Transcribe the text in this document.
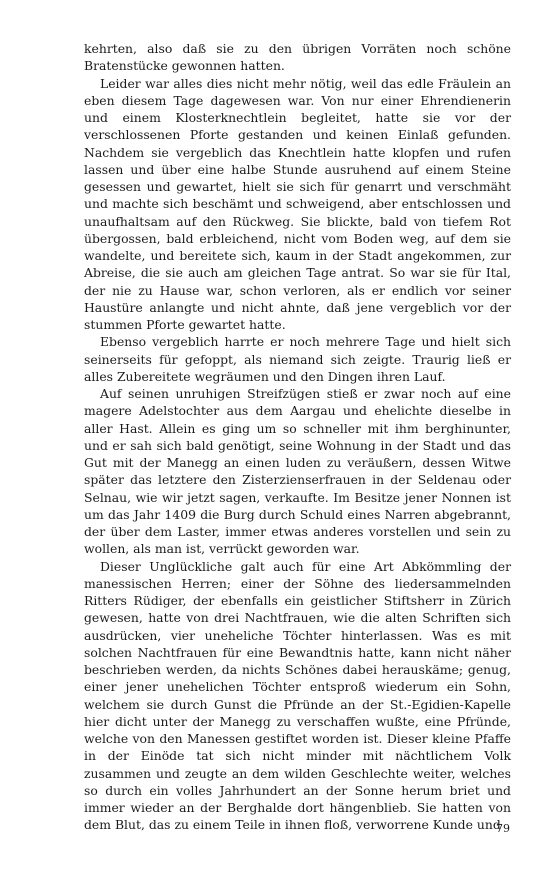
kehrten, also daß sie zu den übrigen Vorräten noch schöne Bratenstücke gewonnen hatten.

Leider war alles dies nicht mehr nötig, weil das edle Fräulein an eben diesem Tage dagewesen war. Von nur einer Ehrendienerin und einem Klosterknechtlein begleitet, hatte sie vor der verschlossenen Pforte gestanden und keinen Einlaß gefunden. Nachdem sie vergeblich das Knechtlein hatte klopfen und rufen lassen und über eine halbe Stunde ausruhend auf einem Steine gesessen und gewartet, hielt sie sich für genarrt und verschmäht und machte sich beschämt und schweigend, aber entschlossen und unaufhaltsam auf den Rückweg. Sie blickte, bald von tiefem Rot übergossen, bald erbleichend, nicht vom Boden weg, auf dem sie wandelte, und bereitete sich, kaum in der Stadt angekommen, zur Abreise, die sie auch am gleichen Tage antrat. So war sie für Ital, der nie zu Hause war, schon verloren, als er endlich vor seiner Haustüre anlangte und nicht ahnte, daß jene vergeblich vor der stummen Pforte gewartet hatte.

Ebenso vergeblich harrte er noch mehrere Tage und hielt sich seinerseits für gefoppt, als niemand sich zeigte. Traurig ließ er alles Zubereitete wegräumen und den Dingen ihren Lauf.

Auf seinen unruhigen Streifzügen stieß er zwar noch auf eine magere Adelstochter aus dem Aargau und ehelichte dieselbe in aller Hast. Allein es ging um so schneller mit ihm berghinunter, und er sah sich bald genötigt, seine Wohnung in der Stadt und das Gut mit der Manegg an einen luden zu veräußern, dessen Witwe später das letztere den Zisterzienserfrauen in der Seldenau oder Selnau, wie wir jetzt sagen, verkaufte. Im Besitze jener Nonnen ist um das Jahr 1409 die Burg durch Schuld eines Narren abgebrannt, der über dem Laster, immer etwas anderes vorstellen und sein zu wollen, als man ist, verrückt geworden war.

Dieser Unglückliche galt auch für eine Art Abkömmling der manessischen Herren; einer der Söhne des liedersammelnden Ritters Rüdiger, der ebenfalls ein geistlicher Stiftsherr in Zürich gewesen, hatte von drei Nachtfrauen, wie die alten Schriften sich ausdrücken, vier uneheliche Töchter hinterlassen. Was es mit solchen Nachtfrauen für eine Bewandtnis hatte, kann nicht näher beschrieben werden, da nichts Schönes dabei herauskäme; genug, einer jener unehelichen Töchter entsproß wiederum ein Sohn, welchem sie durch Gunst die Pfründe an der St.-Egidien-Kapelle hier dicht unter der Manegg zu verschaffen wußte, eine Pfründe, welche von den Manessen gestiftet worden ist. Dieser kleine Pfaffe in der Einöde tat sich nicht minder mit nächtlichem Volk zusammen und zeugte an dem wilden Geschlechte weiter, welches so durch ein volles Jahrhundert an der Sonne herum briet und immer wieder an der Berghalde dort hängenblieb. Sie hatten von dem Blut, das zu einem Teile in ihnen floß, verworrene Kunde und

79
